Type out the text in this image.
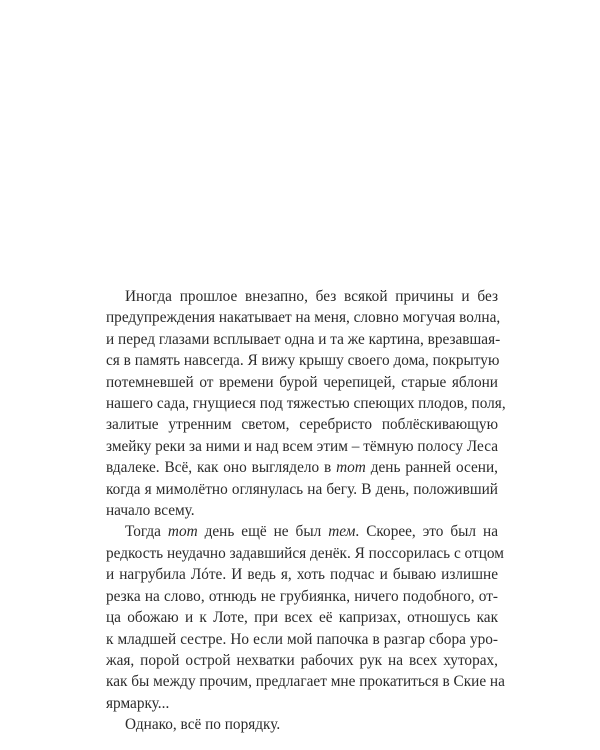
Иногда прошлое внезапно, без всякой причины и без
предупреждения накатывает на меня, словно могучая волна,
и перед глазами всплывает одна и та же картина, врезавшая-
ся в память навсегда. Я вижу крышу своего дома, покрытую
потемневшей от времени бурой черепицей, старые яблони
нашего сада, гнущиеся под тяжестью спеющих плодов, поля,
залитые утренним светом, серебристо поблёскивающую
змейку реки за ними и над всем этим – тёмную полосу Леса
вдалеке. Всё, как оно выглядело в тот день ранней осени,
когда я мимолётно оглянулась на бегу. В день, положивший
начало всему.
Тогда тот день ещё не был тем. Скорее, это был на
редкость неудачно задавшийся денёк. Я поссорилась с отцом
и нагрубила Лóте. И ведь я, хоть подчас и бываю излишне
резка на слово, отнюдь не грубиянка, ничего подобного, от-
ца обожаю и к Лоте, при всех её капризах, отношусь как
к младшей сестре. Но если мой папочка в разгар сбора уро-
жая, порой острой нехватки рабочих рук на всех хуторах,
как бы между прочим, предлагает мне прокатиться в Ские на
ярмарку...
Однако, всё по порядку.
